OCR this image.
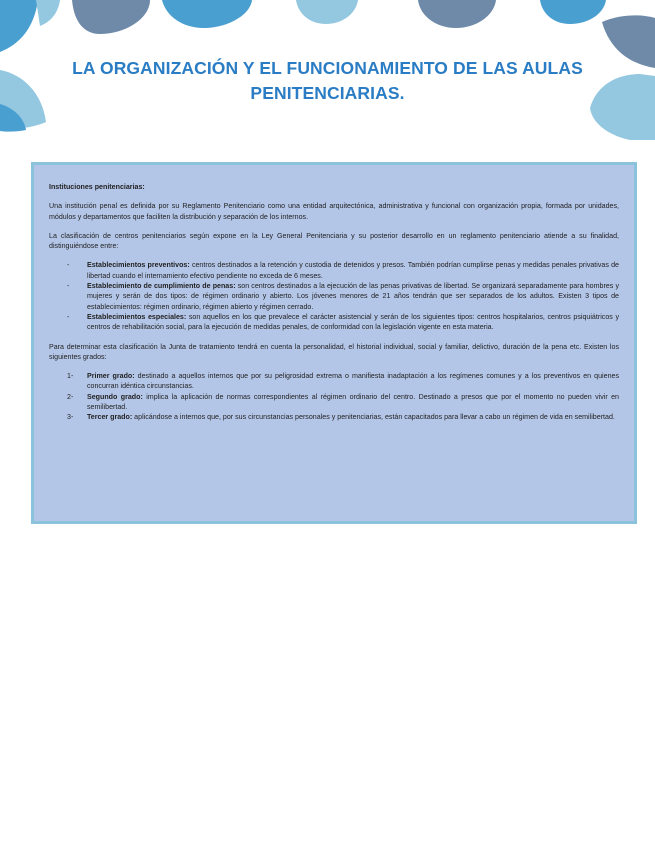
LA ORGANIZACIÓN Y EL FUNCIONAMIENTO DE LAS AULAS PENITENCIARIAS.
Instituciones penitenciarias:

Una institución penal es definida por su Reglamento Penitenciario como una entidad arquitectónica, administrativa y funcional con organización propia, formada por unidades, módulos y departamentos que faciliten la distribución y separación de los internos.

La clasificación de centros penitenciarios según expone en la Ley General Penitenciaria y su posterior desarrollo en un reglamento penitenciario atiende a su finalidad, distinguiéndose entre:

- Establecimientos preventivos: centros destinados a la retención y custodia de detenidos y presos. También podrían cumplirse penas y medidas penales privativas de libertad cuando el internamiento efectivo pendiente no exceda de 6 meses.
- Establecimiento de cumplimiento de penas: son centros destinados a la ejecución de las penas privativas de libertad. Se organizará separadamente para hombres y mujeres y serán de dos tipos: de régimen ordinario y abierto. Los jóvenes menores de 21 años tendrán que ser separados de los adultos. Existen 3 tipos de establecimientos: régimen ordinario, régimen abierto y régimen cerrado.
- Establecimientos especiales: son aquellos en los que prevalece el carácter asistencial y serán de los siguientes tipos: centros hospitalarios, centros psiquiátricos y centros de rehabilitación social, para la ejecución de medidas penales, de conformidad con la legislación vigente en esta materia.

Para determinar esta clasificación la Junta de tratamiento tendrá en cuenta la personalidad, el historial individual, social y familiar, delictivo, duración de la pena etc. Existen los siguientes grados:

1- Primer grado: destinado a aquellos internos que por su peligrosidad extrema o manifiesta inadaptación a los regímenes comunes y a los preventivos en quienes concurran idéntica circunstancias.
2- Segundo grado: implica la aplicación de normas correspondientes al régimen ordinario del centro. Destinado a presos que por el momento no pueden vivir en semilibertad.
3- Tercer grado: aplicándose a internos que, por sus circunstancias personales y penitenciarias, están capacitados para llevar a cabo un régimen de vida en semilibertad.
